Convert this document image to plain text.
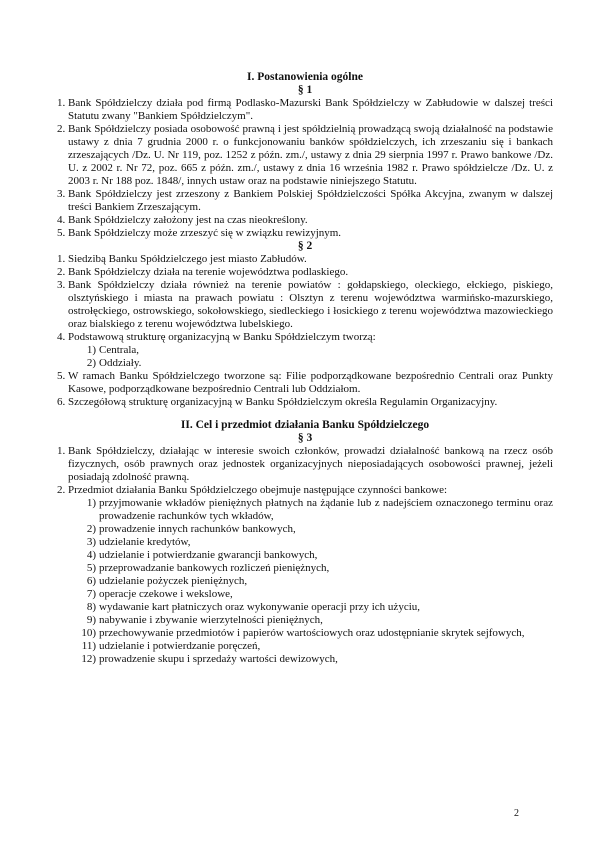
I. Postanowienia ogólne

§ 1

1. Bank Spółdzielczy działa pod firmą Podlasko-Mazurski Bank Spółdzielczy w Zabłudowie w dalszej treści Statutu zwany "Bankiem Spółdzielczym".
2. Bank Spółdzielczy posiada osobowość prawną i jest spółdzielnią prowadzącą swoją działalność na podstawie ustawy z dnia 7 grudnia 2000 r. o funkcjonowaniu banków spółdzielczych, ich zrzeszaniu się i bankach zrzeszających /Dz. U. Nr 119, poz. 1252 z późn. zm./, ustawy z dnia 29 sierpnia 1997 r. Prawo bankowe /Dz. U. z 2002 r. Nr 72, poz. 665 z późn. zm./, ustawy z dnia 16 września 1982 r. Prawo spółdzielcze /Dz. U. z 2003 r. Nr 188 poz. 1848/, innych ustaw oraz na podstawie niniejszego Statutu.
3. Bank Spółdzielczy jest zrzeszony z Bankiem Polskiej Spółdzielczości Spółka Akcyjna, zwanym w dalszej treści Bankiem Zrzeszającym.
4. Bank Spółdzielczy założony jest na czas nieokreślony.
5. Bank Spółdzielczy może zrzeszyć się w związku rewizyjnym.

§ 2

1. Siedzibą Banku Spółdzielczego jest miasto Zabłudów.
2. Bank Spółdzielczy działa na terenie województwa podlaskiego.
3. Bank Spółdzielczy działa również na terenie powiatów : gołdapskiego, oleckiego, ełckiego, piskiego, olsztyńskiego i miasta na prawach powiatu : Olsztyn z terenu województwa warmińsko-mazurskiego, ostrołęckiego, ostrowskiego, sokołowskiego, siedleckiego i łosickiego z terenu województwa mazowieckiego oraz bialskiego z terenu województwa lubelskiego.
4. Podstawową strukturę organizacyjną w Banku Spółdzielczym tworzą:
1) Centrala,
2) Oddziały.
5. W ramach Banku Spółdzielczego tworzone są: Filie podporządkowane bezpośrednio Centrali oraz Punkty Kasowe, podporządkowane bezpośrednio Centrali lub Oddziałom.
6. Szczegółową strukturę organizacyjną w Banku Spółdzielczym określa Regulamin Organizacyjny.

II. Cel i przedmiot działania Banku Spółdzielczego

§ 3

1. Bank Spółdzielczy, działając w interesie swoich członków, prowadzi działalność bankową na rzecz osób fizycznych, osób prawnych oraz jednostek organizacyjnych nieposiadających osobowości prawnej, jeżeli posiadają zdolność prawną.
2. Przedmiot działania Banku Spółdzielczego obejmuje następujące czynności bankowe:
1) przyjmowanie wkładów pieniężnych płatnych na żądanie lub z nadejściem oznaczonego terminu oraz prowadzenie rachunków tych wkładów,
2) prowadzenie innych rachunków bankowych,
3) udzielanie kredytów,
4) udzielanie i potwierdzanie gwarancji bankowych,
5) przeprowadzanie bankowych rozliczeń pieniężnych,
6) udzielanie pożyczek pieniężnych,
7) operacje czekowe i wekslowe,
8) wydawanie kart płatniczych oraz wykonywanie operacji przy ich użyciu,
9) nabywanie i zbywanie wierzytelności pieniężnych,
10) przechowywanie przedmiotów i papierów wartościowych oraz udostępnianie skrytek sejfowych,
11) udzielanie i potwierdzanie poręczeń,
12) prowadzenie skupu i sprzedaży wartości dewizowych,
2
